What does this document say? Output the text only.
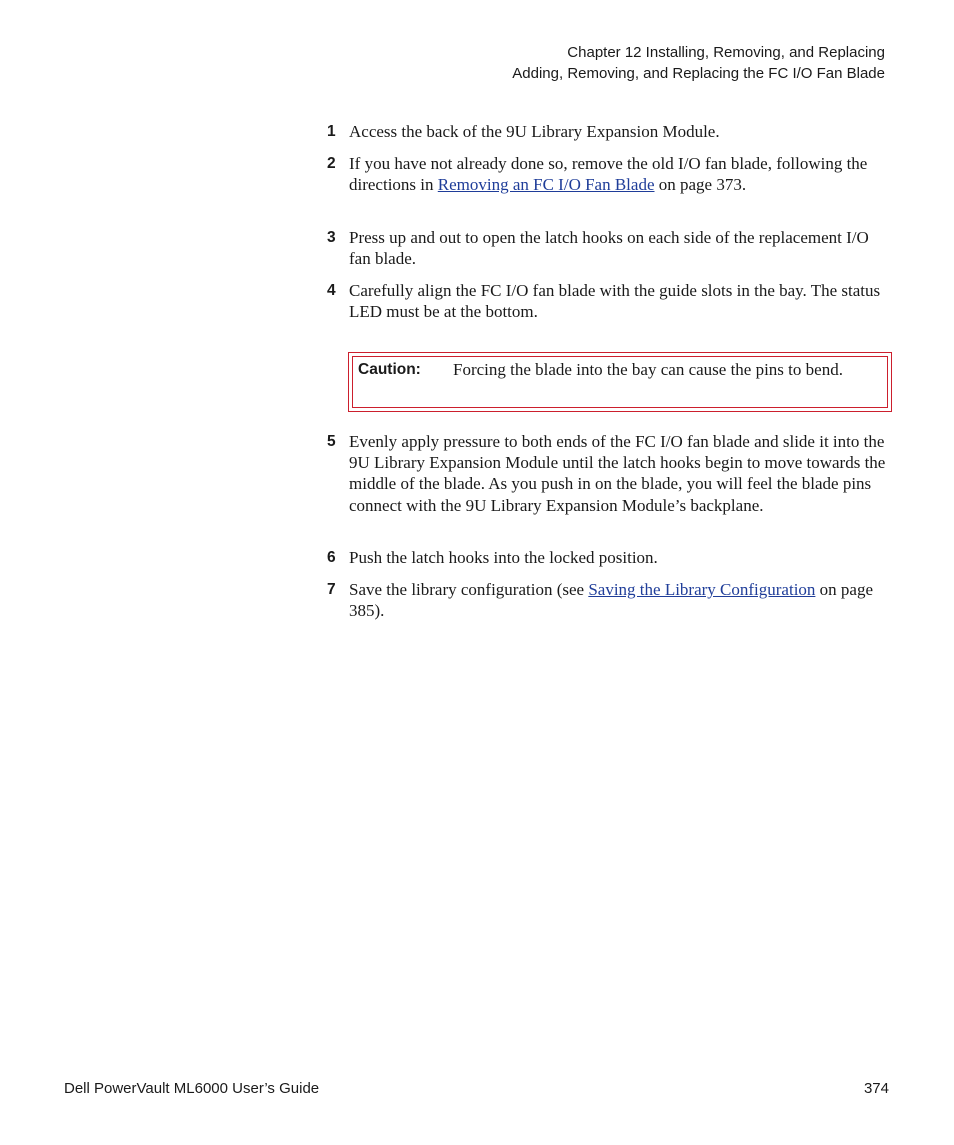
Chapter 12 Installing, Removing, and Replacing
Adding, Removing, and Replacing the FC I/O Fan Blade
1 Access the back of the 9U Library Expansion Module.
2 If you have not already done so, remove the old I/O fan blade, following the directions in Removing an FC I/O Fan Blade on page 373.
3 Press up and out to open the latch hooks on each side of the replacement I/O fan blade.
4 Carefully align the FC I/O fan blade with the guide slots in the bay. The status LED must be at the bottom.
5 Evenly apply pressure to both ends of the FC I/O fan blade and slide it into the 9U Library Expansion Module until the latch hooks begin to move towards the middle of the blade. As you push in on the blade, you will feel the blade pins connect with the 9U Library Expansion Module’s backplane.
6 Push the latch hooks into the locked position.
7 Save the library configuration (see Saving the Library Configuration on page 385).
Caution: Forcing the blade into the bay can cause the pins to bend.
Dell PowerVault ML6000 User’s Guide	374
